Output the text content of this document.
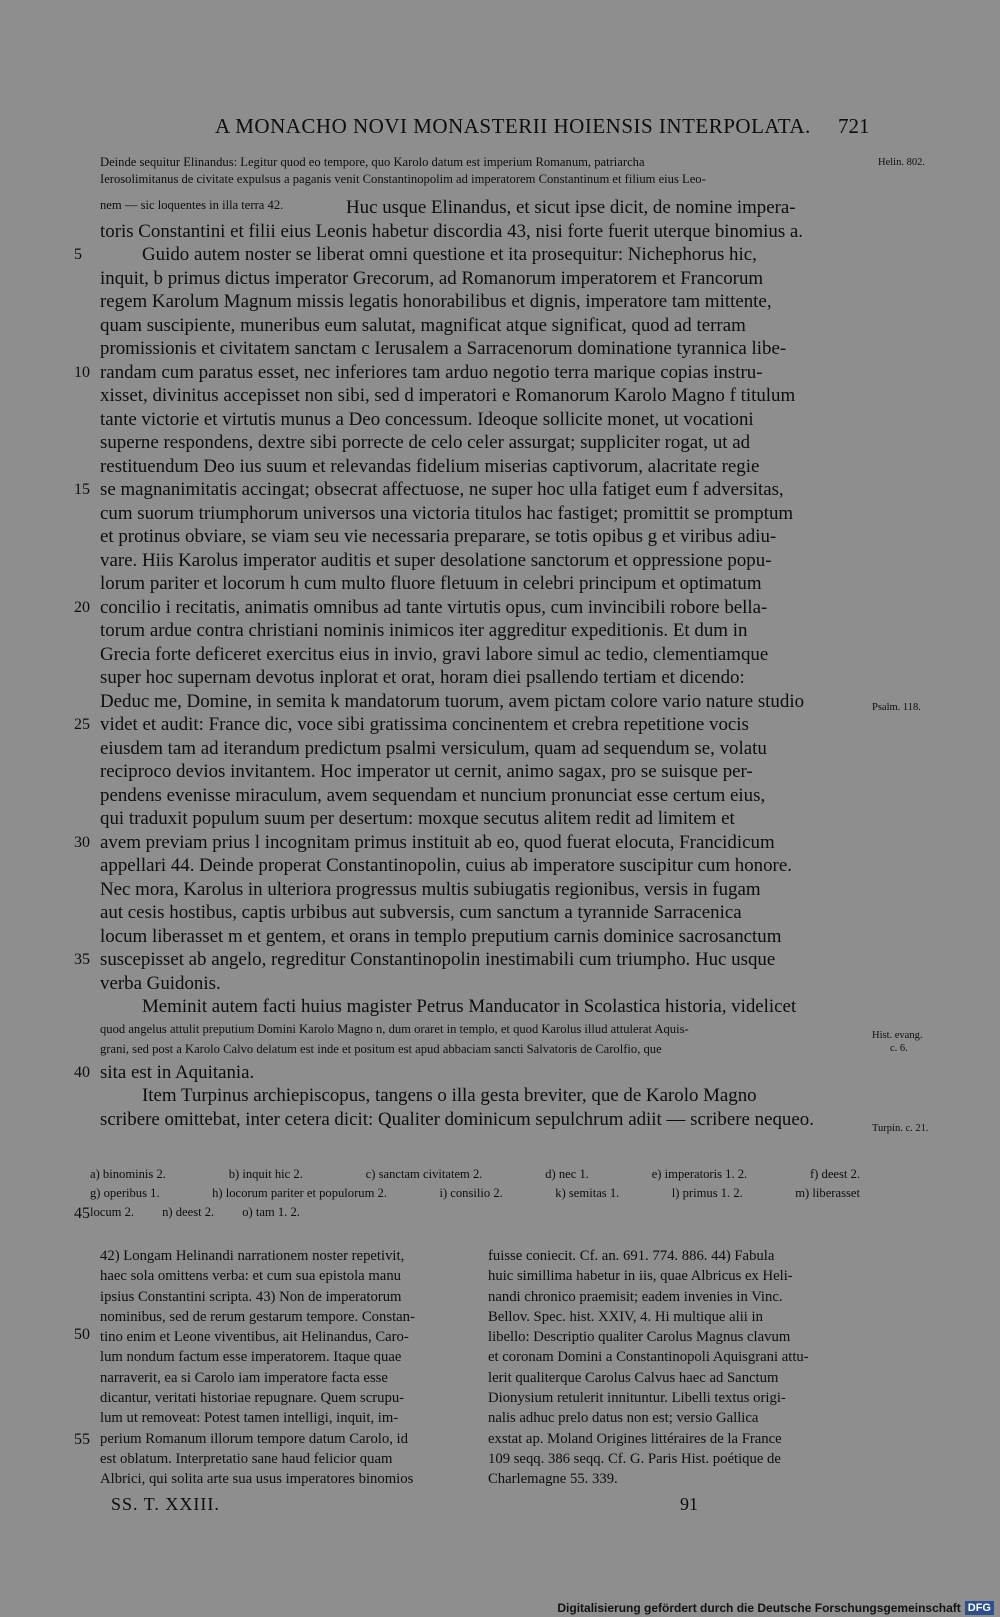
A MONACHO NOVI MONASTERII HOIENSIS INTERPOLATA. 721

Deinde sequitur Elinandus: Legitur quod eo tempore, quo Karolo datum est imperium Romanum, patriarcha

Ierosolimitanus de civitate expulsus a paganis venit Constantinopolim ad imperatorem Constantinum et filium eius Leo-

nem — sic loquentes in illa terra 42.	Huc usque Elinandus, et sicut ipse dicit, de nomine impera-
toris Constantini et filii eius Leonis habetur discordia 43, nisi forte fuerit uterque binomius a.
Guido autem noster se liberat omni questione et ita prosequitur: Nichephorus hic,
5
inquit, b primus dictus imperator Grecorum, ad Romanorum imperatorem et Francorum
regem Karolum Magnum missis legatis honorabilibus et dignis, imperatore tam mittente,
quam suscipiente, muneribus eum salutat, magnificat atque significat, quod ad terram
promissionis et civitatem sanctam c Ierusalem a Sarracenorum dominatione tyrannica libe-
randam cum paratus esset, nec inferiores tam arduo negotio terra marique copias instru-
10
xisset, divinitus accepisset non sibi, sed d imperatori e Romanorum Karolo Magno f titulum
tante victorie et virtutis munus a Deo concessum. Ideoque sollicite monet, ut vocationi
superne respondens, dextre sibi porrecte de celo celer assurgat; suppliciter rogat, ut ad
restituendum Deo ius suum et relevandas fidelium miserias captivorum, alacritate regie
se magnanimitatis accingat; obsecrat affectuose, ne super hoc ulla fatiget eum f adversitas,
15
cum suorum triumphorum universos una victoria titulos hac fastiget; promittit se promptum
et protinus obviare, se viam seu vie necessaria preparare, se totis opibus g et viribus adiu-
vare. Hiis Karolus imperator auditis et super desolatione sanctorum et oppressione popu-
lorum pariter et locorum h cum multo fluore fletuum in celebri principum et optimatum
concilio i recitatis, animatis omnibus ad tante virtutis opus, cum invincibili robore bella-
20
torum ardue contra christiani nominis inimicos iter aggreditur expeditionis. Et dum in
Grecia forte deficeret exercitus eius in invio, gravi labore simul ac tedio, clementiamque
super hoc supernam devotus inplorat et orat, horam diei psallendo tertiam et dicendo:
Deduc me, Domine, in semita k mandatorum tuorum, avem pictam colore vario nature studio
videt et audit: France dic, voce sibi gratissima concinentem et crebra repetitione vocis
25
eiusdem tam ad iterandum predictum psalmi versiculum, quam ad sequendum se, volatu
reciproco devios invitantem. Hoc imperator ut cernit, animo sagax, pro se suisque per-
pendens evenisse miraculum, avem sequendam et nuncium pronunciat esse certum eius,
qui traduxit populum suum per desertum: moxque secutus alitem redit ad limitem et
avem previam prius l incognitam primus instituit ab eo, quod fuerat elocuta, Francidicum
30
appellari 44. Deinde properat Constantinopolin, cuius ab imperatore suscipitur cum honore.
Nec mora, Karolus in ulteriora progressus multis subiugatis regionibus, versis in fugam
aut cesis hostibus, captis urbibus aut subversis, cum sanctum a tyrannide Sarracenica
locum liberasset m et gentem, et orans in templo preputium carnis dominice sacrosanctum
suscepisset ab angelo, regreditur Constantinopolin inestimabili cum triumpho. Huc usque
35
verba Guidonis.
Meminit autem facti huius magister Petrus Manducator in Scolastica historia, videlicet
quod angelus attulit preputium Domini Karolo Magno n, dum oraret in templo, et quod Karolus illud attulerat Aquis-
grani, sed post a Karolo Calvo delatum est inde et positum est apud abbaciam sancti Salvatoris de Carolfio, que
sita est in Aquitania.
40
Item Turpinus archiepiscopus, tangens o illa gesta breviter, que de Karolo Magno
scribere omittebat, inter cetera dicit: Qualiter dominicum sepulchrum adiit — scribere nequeo.
Helin. 802.
Psalm. 118.
Hist. evang.
c. 6.
Turpin. c. 21.
a) binominis 2.	b) inquit hic 2.	c) sanctam civitatem 2.	d) nec 1.	e) imperatoris 1. 2.	f) deest 2.
g) operibus 1.	h) locorum pariter et populorum 2.	i) consilio 2.	k) semitas 1.	l) primus 1. 2.	m) liberasset
locum 2. n) deest 2. o) tam 1. 2.
45

42) Longam Helinandi narrationem noster repetivit,

haec sola omittens verba: et cum sua epistola manu

ipsius Constantini scripta. 43) Non de imperatorum

nominibus, sed de rerum gestarum tempore. Constan-

tino enim et Leone viventibus, ait Helinandus, Caro-

lum nondum factum esse imperatorem. Itaque quae

narraverit, ea si Carolo iam imperatore facta esse

dicantur, veritati historiae repugnare. Quem scrupu-

lum ut removeat: Potest tamen intelligi, inquit, im-

perium Romanum illorum tempore datum Carolo, id

est oblatum. Interpretatio sane haud felicior quam

Albrici, qui solita arte sua usus imperatores binomios

fuisse coniecit. Cf. an. 691. 774. 886. 44) Fabula

huic simillima habetur in iis, quae Albricus ex Heli-

nandi chronico praemisit; eadem invenies in Vinc.

Bellov. Spec. hist. XXIV, 4. Hi multique alii in

libello: Descriptio qualiter Carolus Magnus clavum

et coronam Domini a Constantinopoli Aquisgrani attu-

lerit qualiterque Carolus Calvus haec ad Sanctum

Dionysium retulerit innituntur. Libelli textus origi-

nalis adhuc prelo datus non est; versio Gallica

exstat ap. Moland Origines littéraires de la France

109 seqq. 386 seqq. Cf. G. Paris Hist. poétique de

Charlemagne 55. 339.

50
55
SS. T. XXIII.	91
Digitalisierung gefördert durch die Deutsche Forschungsgemeinschaft DFG
